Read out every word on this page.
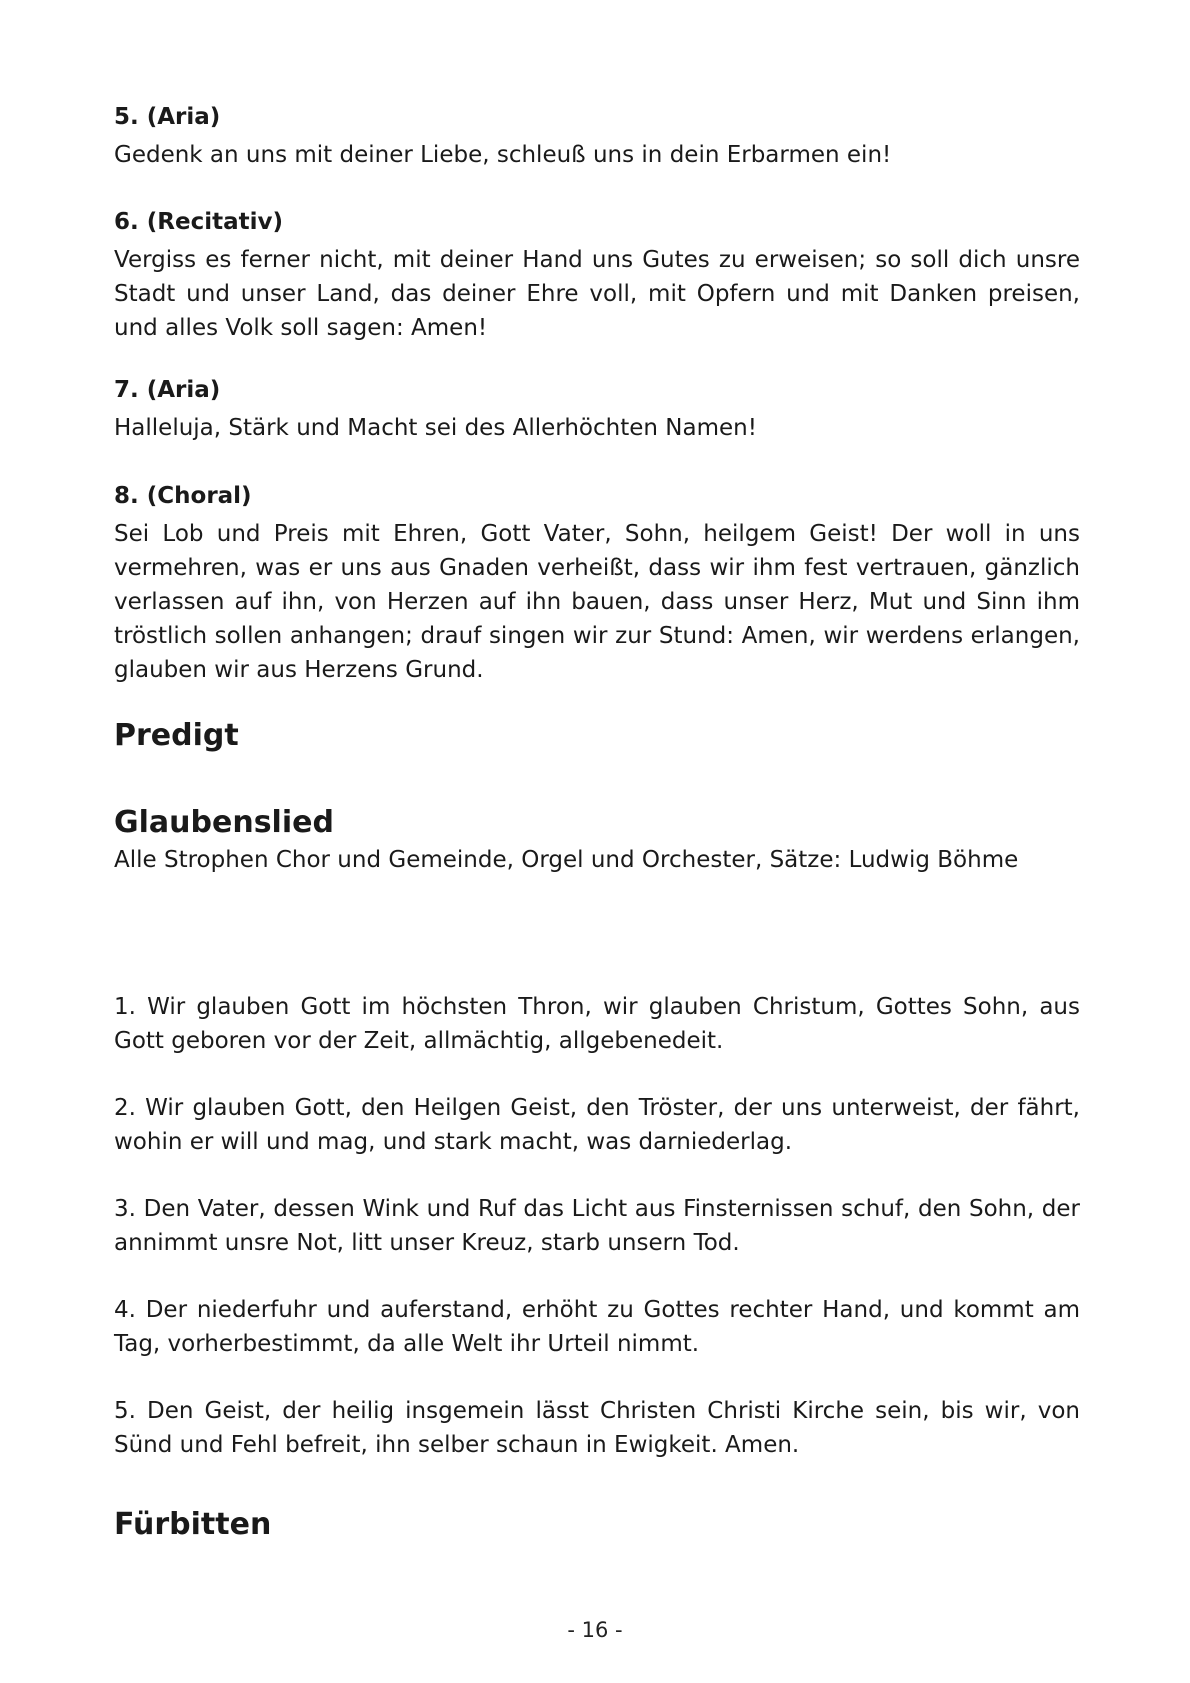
5. (Aria)

Gedenk an uns mit deiner Liebe, schleuß uns in dein Erbarmen ein!

6. (Recitativ)

Vergiss es ferner nicht, mit deiner Hand uns Gutes zu erweisen; so soll dich unsre Stadt und unser Land, das deiner Ehre voll, mit Opfern und mit Danken preisen, und alles Volk soll sagen: Amen!

7. (Aria)

Halleluja, Stärk und Macht sei des Allerhöchten Namen!

8. (Choral)

Sei Lob und Preis mit Ehren, Gott Vater, Sohn, heilgem Geist! Der woll in uns vermehren, was er uns aus Gnaden verheißt, dass wir ihm fest vertrauen, gänzlich verlassen auf ihn, von Herzen auf ihn bauen, dass unser Herz, Mut und Sinn ihm tröstlich sollen anhangen; drauf singen wir zur Stund: Amen, wir werdens erlangen, glauben wir aus Herzens Grund.

Predigt
Glaubenslied

Alle Strophen Chor und Gemeinde, Orgel und Orchester, Sätze: Ludwig Böhme

1. Wir glauben Gott im höchsten Thron, wir glauben Christum, Gottes Sohn, aus Gott geboren vor der Zeit, allmächtig, allgebenedeit.

2. Wir glauben Gott, den Heilgen Geist, den Tröster, der uns unterweist, der fährt, wohin er will und mag, und stark macht, was darniederlag.

3. Den Vater, dessen Wink und Ruf das Licht aus Finsternissen schuf, den Sohn, der annimmt unsre Not, litt unser Kreuz, starb unsern Tod.

4. Der niederfuhr und auferstand, erhöht zu Gottes rechter Hand, und kommt am Tag, vorherbestimmt, da alle Welt ihr Urteil nimmt.

5. Den Geist, der heilig insgemein lässt Christen Christi Kirche sein, bis wir, von Sünd und Fehl befreit, ihn selber schaun in Ewigkeit. Amen.

Fürbitten
- 16 -
